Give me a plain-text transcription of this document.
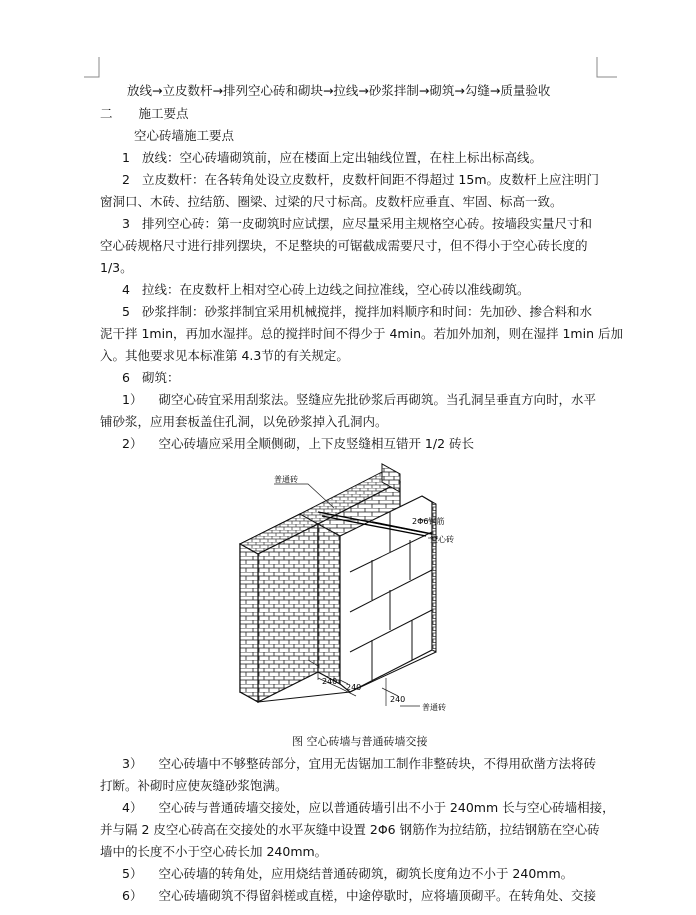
放线→立皮数杆→排列空心砖和砌块→拉线→砂浆拌制→砌筑→勾缝→质量验收
二 施工要点
空心砖墙施工要点
1 放线：空心砖墙砌筑前，应在楼面上定出轴线位置，在柱上标出标高线。
2 立皮数杆：在各转角处设立皮数杆，皮数杆间距不得超过 15m。皮数杆上应注明门
窗洞口、木砖、拉结筋、圈梁、过梁的尺寸标高。皮数杆应垂直、牢固、标高一致。
3 排列空心砖：第一皮砌筑时应试摆，应尽量采用主规格空心砖。按墙段实量尺寸和
空心砖规格尺寸进行排列摆块，不足整块的可锯截成需要尺寸，但不得小于空心砖长度的
1/3。
4 拉线：在皮数杆上相对空心砖上边线之间拉准线，空心砖以准线砌筑。
5 砂浆拌制：砂浆拌制宜采用机械搅拌，搅拌加料顺序和时间：先加砂、掺合料和水
泥干拌 1min，再加水湿拌。总的搅拌时间不得少于 4min。若加外加剂，则在湿拌 1min 后加
入。其他要求见本标准第 4.3节的有关规定。
6 砌筑：
1） 砌空心砖宜采用刮浆法。竖缝应先批砂浆后再砌筑。当孔洞呈垂直方向时，水平
铺砂浆，应用套板盖住孔洞，以免砂浆掉入孔洞内。
2） 空心砖墙应采用全顺侧砌，上下皮竖缝相互错开 1/2 砖长
普通砖
2Φ6钢筋
空心砖
普通砖
240
240
240
图 空心砖墙与普通砖墙交接
3） 空心砖墙中不够整砖部分，宜用无齿锯加工制作非整砖块，不得用砍凿方法将砖
打断。补砌时应使灰缝砂浆饱满。
4） 空心砖与普通砖墙交接处，应以普通砖墙引出不小于 240mm 长与空心砖墙相接，
并与隔 2 皮空心砖高在交接处的水平灰缝中设置 2Φ6 钢筋作为拉结筋，拉结钢筋在空心砖
墙中的长度不小于空心砖长加 240mm。
5） 空心砖墙的转角处，应用烧结普通砖砌筑，砌筑长度角边不小于 240mm。
6） 空心砖墙砌筑不得留斜槎或直槎，中途停歇时，应将墙顶砌平。在转角处、交接
